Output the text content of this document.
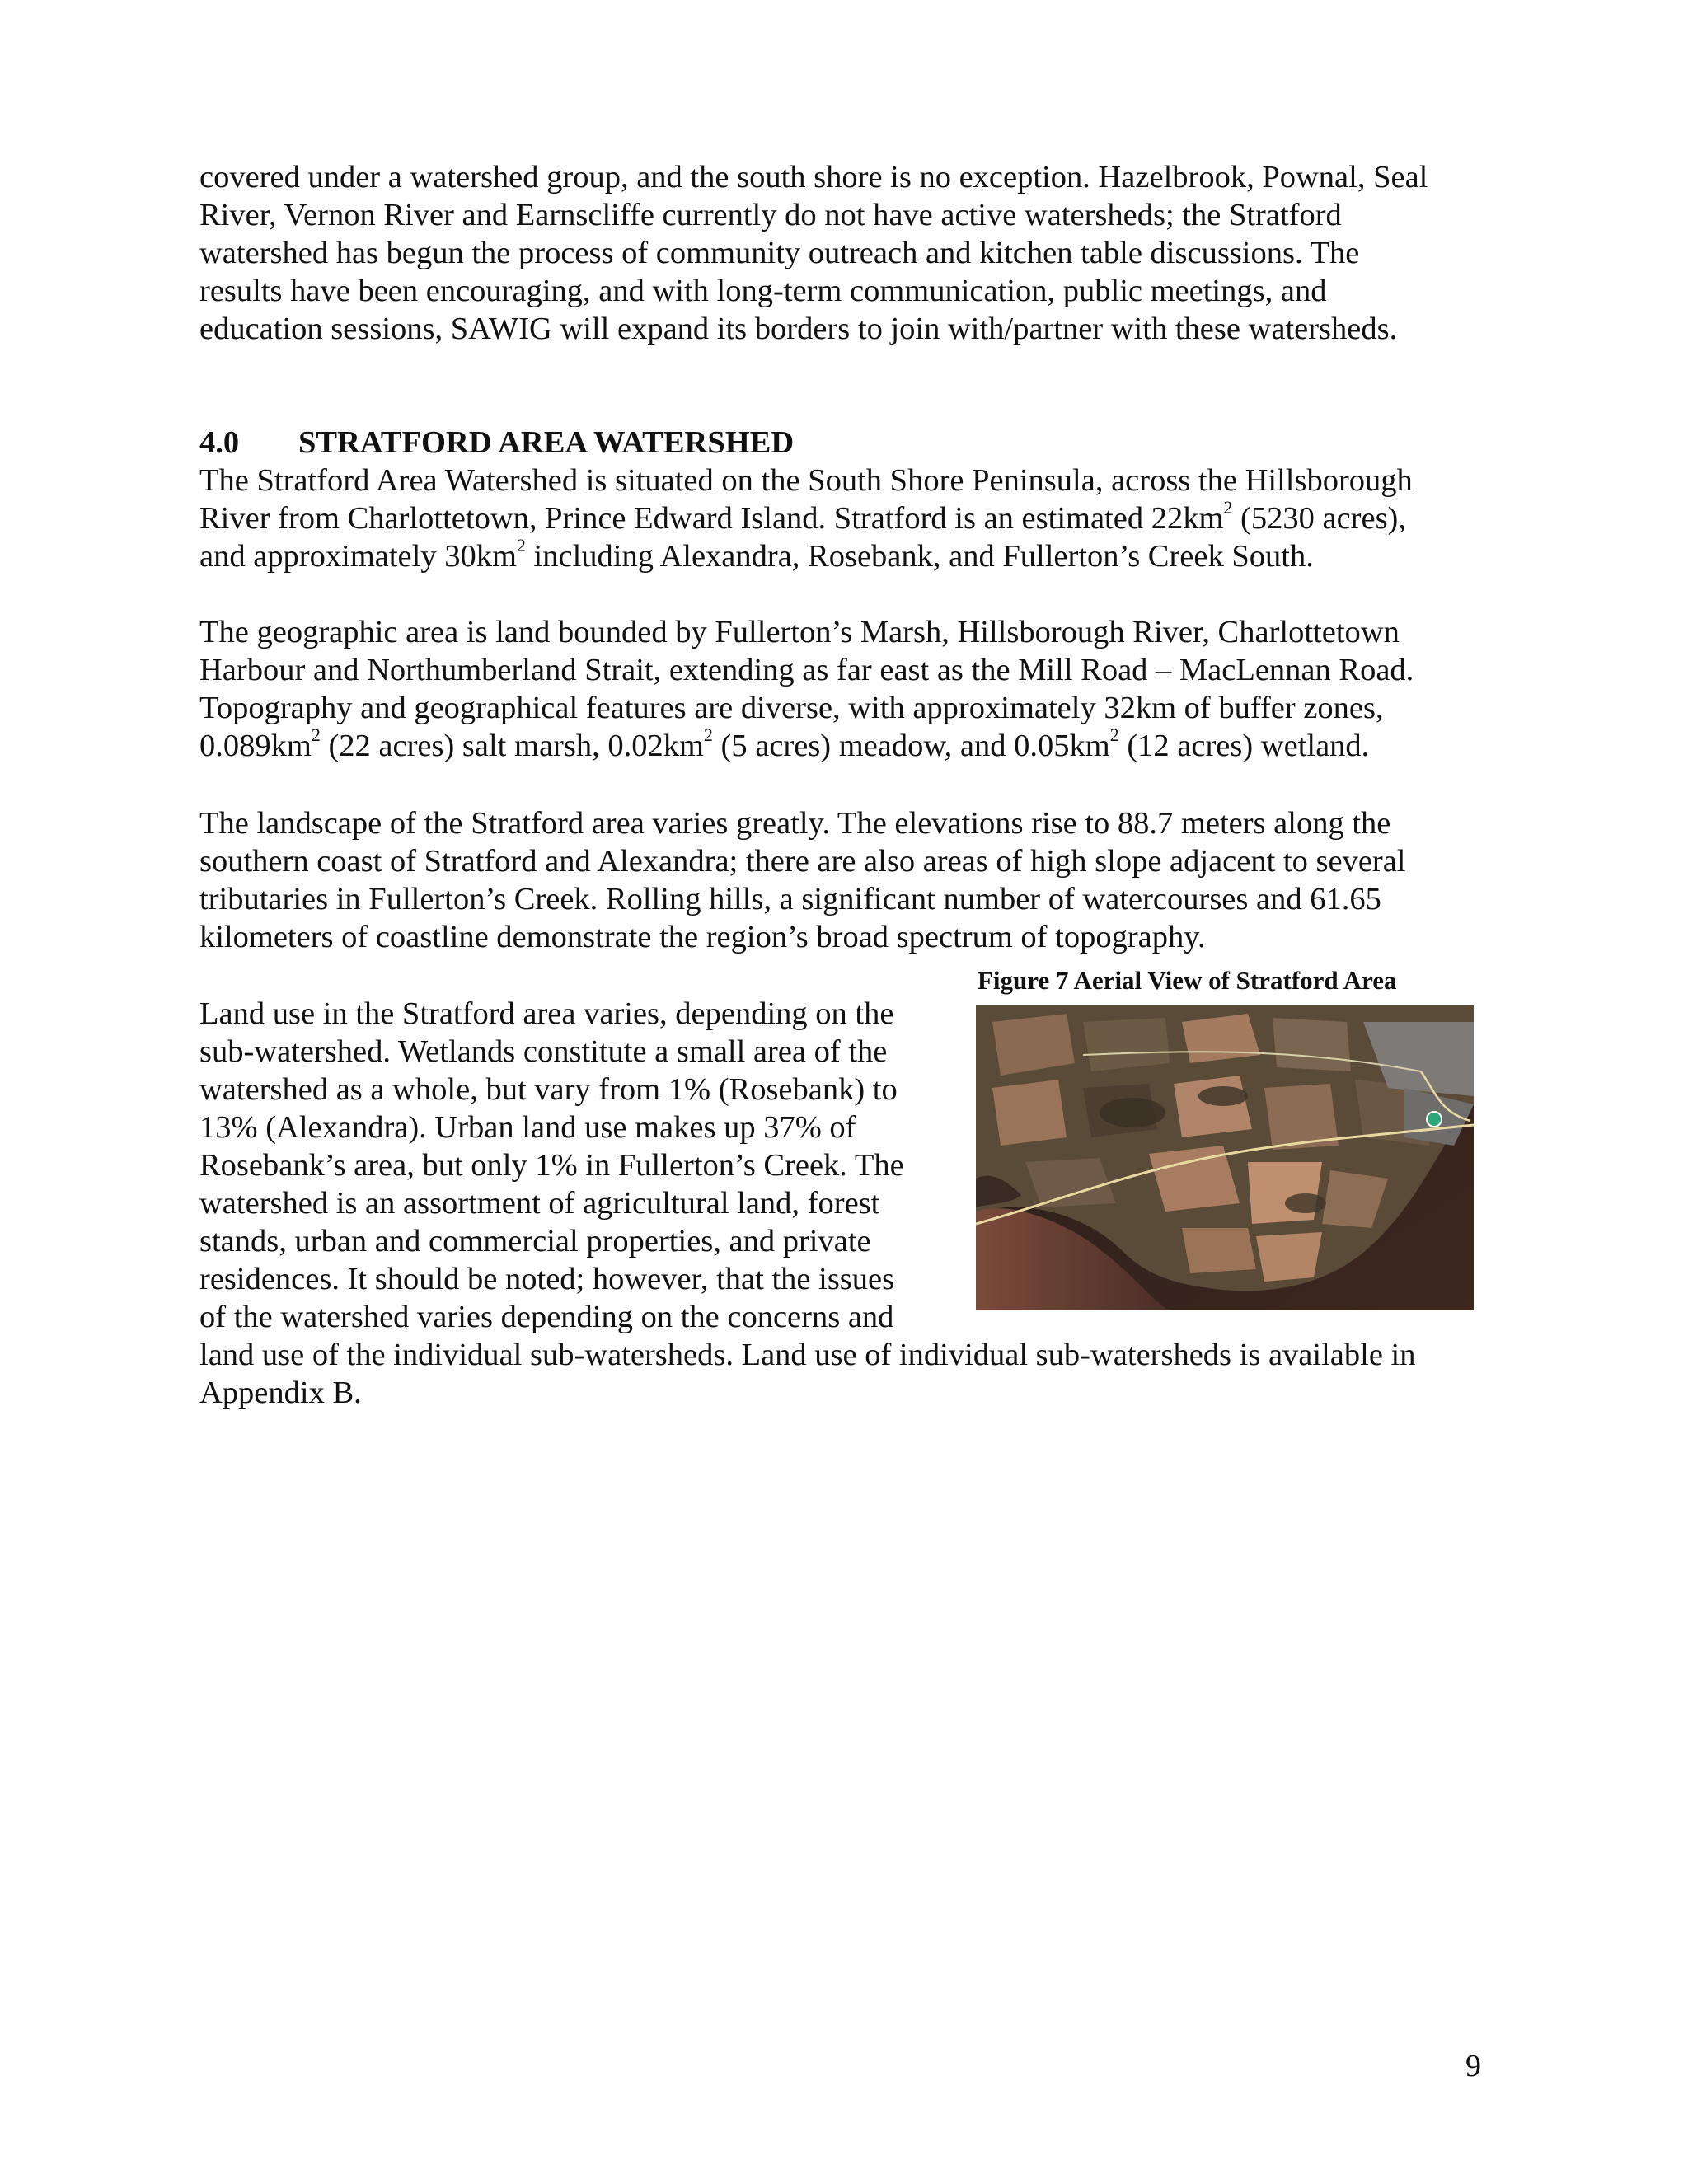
covered under a watershed group, and the south shore is no exception. Hazelbrook, Pownal, Seal
River, Vernon River and Earnscliffe currently do not have active watersheds; the Stratford
watershed has begun the process of community outreach and kitchen table discussions. The
results have been encouraging, and with long-term communication, public meetings, and
education sessions, SAWIG will expand its borders to join with/partner with these watersheds.

4.0 STRATFORD AREA WATERSHED

The Stratford Area Watershed is situated on the South Shore Peninsula, across the Hillsborough
River from Charlottetown, Prince Edward Island. Stratford is an estimated $22km^2$ (5230 acres),
and approximately $30km^2$ including Alexandra, Rosebank, and Fullerton’s Creek South.

The geographic area is land bounded by Fullerton’s Marsh, Hillsborough River, Charlottetown
Harbour and Northumberland Strait, extending as far east as the Mill Road – MacLennan Road.
Topography and geographical features are diverse, with approximately 32km of buffer zones,
$0.089km^2$ (22 acres) salt marsh, $0.02km^2$ (5 acres) meadow, and $0.05km^2$ (12 acres) wetland.

The landscape of the Stratford area varies greatly. The elevations rise to 88.7 meters along the
southern coast of Stratford and Alexandra; there are also areas of high slope adjacent to several
tributaries in Fullerton’s Creek. Rolling hills, a significant number of watercourses and 61.65
kilometers of coastline demonstrate the region’s broad spectrum of topography.

Figure 7 Aerial View of Stratford Area

Land use in the Stratford area varies, depending on the
sub-watershed. Wetlands constitute a small area of the
watershed as a whole, but vary from 1% (Rosebank) to
13% (Alexandra). Urban land use makes up 37% of
Rosebank’s area, but only 1% in Fullerton’s Creek. The
watershed is an assortment of agricultural land, forest
stands, urban and commercial properties, and private
residences. It should be noted; however, that the issues
of the watershed varies depending on the concerns and
land use of the individual sub-watersheds. Land use of individual sub-watersheds is available in
Appendix B.

9
